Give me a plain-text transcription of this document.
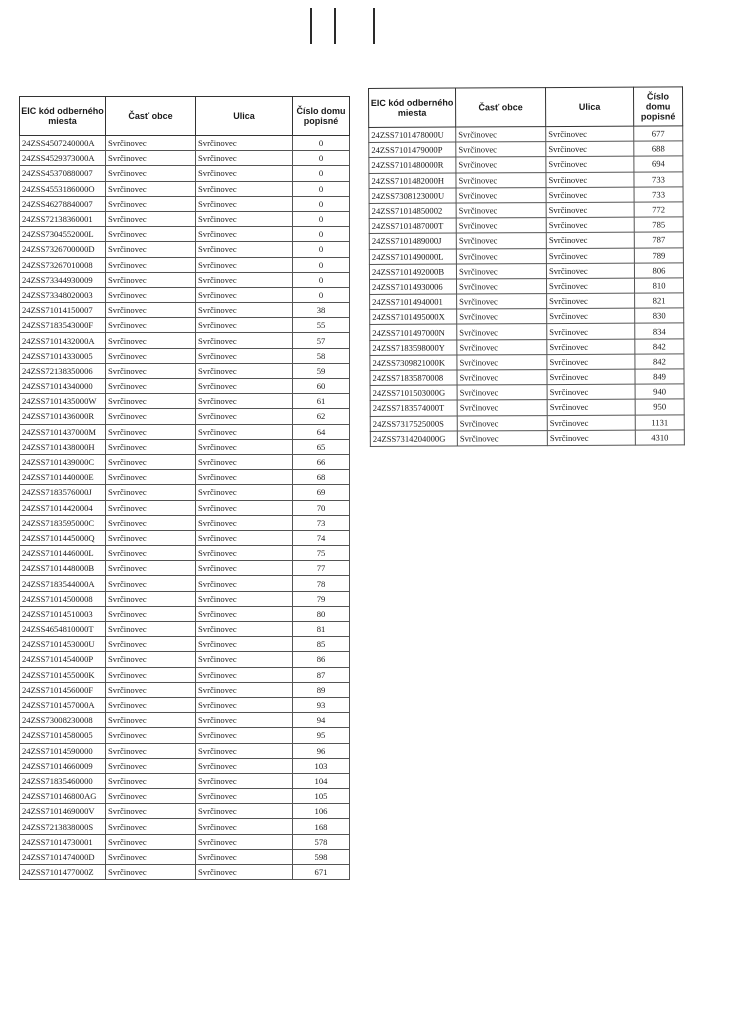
EIC kód odberného miesta	Časť obce	Ulica	Číslo domu popisné
24ZSS4507240000A	Svrčinovec	Svrčinovec	0
24ZSS4529373000A	Svrčinovec	Svrčinovec	0
24ZSS45370880007	Svrčinovec	Svrčinovec	0
24ZSS4553186000O	Svrčinovec	Svrčinovec	0
24ZSS46278840007	Svrčinovec	Svrčinovec	0
24ZSS72138360001	Svrčinovec	Svrčinovec	0
24ZSS7304552000L	Svrčinovec	Svrčinovec	0
24ZSS7326700000D	Svrčinovec	Svrčinovec	0
24ZSS73267010008	Svrčinovec	Svrčinovec	0
24ZSS73344930009	Svrčinovec	Svrčinovec	0
24ZSS73348020003	Svrčinovec	Svrčinovec	0
24ZSS71014150007	Svrčinovec	Svrčinovec	38
24ZSS7183543000F	Svrčinovec	Svrčinovec	55
24ZSS7101432000A	Svrčinovec	Svrčinovec	57
24ZSS71014330005	Svrčinovec	Svrčinovec	58
24ZSS72138350006	Svrčinovec	Svrčinovec	59
24ZSS71014340000	Svrčinovec	Svrčinovec	60
24ZSS7101435000W	Svrčinovec	Svrčinovec	61
24ZSS7101436000R	Svrčinovec	Svrčinovec	62
24ZSS7101437000M	Svrčinovec	Svrčinovec	64
24ZSS7101438000H	Svrčinovec	Svrčinovec	65
24ZSS7101439000C	Svrčinovec	Svrčinovec	66
24ZSS7101440000E	Svrčinovec	Svrčinovec	68
24ZSS7183576000J	Svrčinovec	Svrčinovec	69
24ZSS71014420004	Svrčinovec	Svrčinovec	70
24ZSS7183595000C	Svrčinovec	Svrčinovec	73
24ZSS7101445000Q	Svrčinovec	Svrčinovec	74
24ZSS7101446000L	Svrčinovec	Svrčinovec	75
24ZSS7101448000B	Svrčinovec	Svrčinovec	77
24ZSS7183544000A	Svrčinovec	Svrčinovec	78
24ZSS71014500008	Svrčinovec	Svrčinovec	79
24ZSS71014510003	Svrčinovec	Svrčinovec	80
24ZSS4654810000T	Svrčinovec	Svrčinovec	81
24ZSS7101453000U	Svrčinovec	Svrčinovec	85
24ZSS7101454000P	Svrčinovec	Svrčinovec	86
24ZSS7101455000K	Svrčinovec	Svrčinovec	87
24ZSS7101456000F	Svrčinovec	Svrčinovec	89
24ZSS7101457000A	Svrčinovec	Svrčinovec	93
24ZSS73008230008	Svrčinovec	Svrčinovec	94
24ZSS71014580005	Svrčinovec	Svrčinovec	95
24ZSS71014590000	Svrčinovec	Svrčinovec	96
24ZSS71014660009	Svrčinovec	Svrčinovec	103
24ZSS71835460000	Svrčinovec	Svrčinovec	104
24ZSS710146800AG	Svrčinovec	Svrčinovec	105
24ZSS7101469000V	Svrčinovec	Svrčinovec	106
24ZSS7213838000S	Svrčinovec	Svrčinovec	168
24ZSS71014730001	Svrčinovec	Svrčinovec	578
24ZSS7101474000D	Svrčinovec	Svrčinovec	598
24ZSS7101477000Z	Svrčinovec	Svrčinovec	671
EIC kód odberného miesta	Časť obce	Ulica	Číslo domu popisné
24ZSS7101478000U	Svrčinovec	Svrčinovec	677
24ZSS7101479000P	Svrčinovec	Svrčinovec	688
24ZSS7101480000R	Svrčinovec	Svrčinovec	694
24ZSS7101482000H	Svrčinovec	Svrčinovec	733
24ZSS7308123000U	Svrčinovec	Svrčinovec	733
24ZSS71014850002	Svrčinovec	Svrčinovec	772
24ZSS7101487000T	Svrčinovec	Svrčinovec	785
24ZSS7101489000J	Svrčinovec	Svrčinovec	787
24ZSS7101490000L	Svrčinovec	Svrčinovec	789
24ZSS7101492000B	Svrčinovec	Svrčinovec	806
24ZSS71014930006	Svrčinovec	Svrčinovec	810
24ZSS71014940001	Svrčinovec	Svrčinovec	821
24ZSS7101495000X	Svrčinovec	Svrčinovec	830
24ZSS7101497000N	Svrčinovec	Svrčinovec	834
24ZSS7183598000Y	Svrčinovec	Svrčinovec	842
24ZSS7309821000K	Svrčinovec	Svrčinovec	842
24ZSS71835870008	Svrčinovec	Svrčinovec	849
24ZSS7101503000G	Svrčinovec	Svrčinovec	940
24ZSS7183574000T	Svrčinovec	Svrčinovec	950
24ZSS7317525000S	Svrčinovec	Svrčinovec	1131
24ZSS7314204000G	Svrčinovec	Svrčinovec	4310
